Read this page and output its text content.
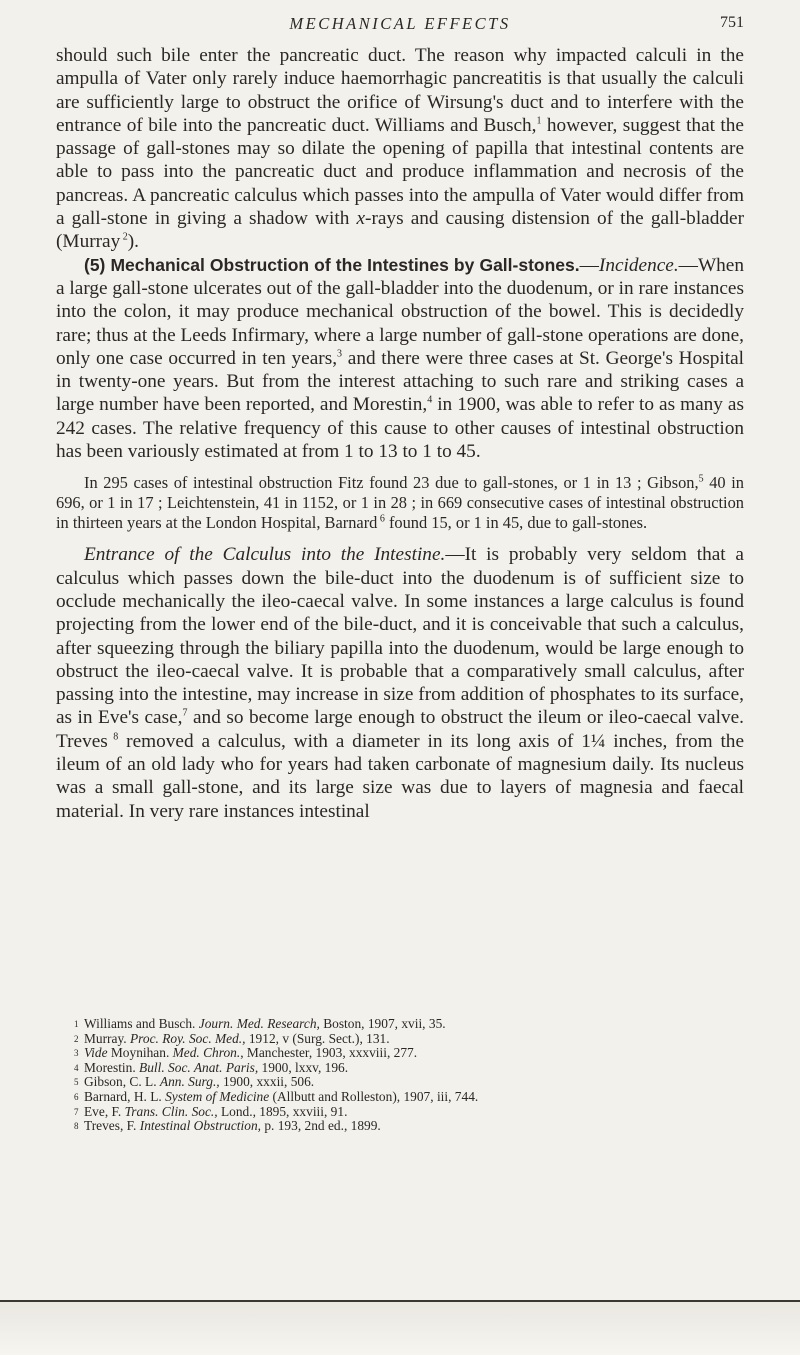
MECHANICAL EFFECTS	751

should such bile enter the pancreatic duct. The reason why impacted calculi in the ampulla of Vater only rarely induce haemorrhagic pancreatitis is that usually the calculi are sufficiently large to obstruct the orifice of Wirsung's duct and to interfere with the entrance of bile into the pancreatic duct. Williams and Busch,$^1$ however, suggest that the passage of gall-stones may so dilate the opening of papilla that intestinal contents are able to pass into the pancreatic duct and produce inflammation and necrosis of the pancreas. A pancreatic calculus which passes into the ampulla of Vater would differ from a gall-stone in giving a shadow with x-rays and causing distension of the gall-bladder (Murray $^2$).

(5) Mechanical Obstruction of the Intestines by Gall-stones.—Incidence.—When a large gall-stone ulcerates out of the gall-bladder into the duodenum, or in rare instances into the colon, it may produce mechanical obstruction of the bowel. This is decidedly rare; thus at the Leeds Infirmary, where a large number of gall-stone operations are done, only one case occurred in ten years,$^3$ and there were three cases at St. George's Hospital in twenty-one years. But from the interest attaching to such rare and striking cases a large number have been reported, and Morestin,$^4$ in 1900, was able to refer to as many as 242 cases. The relative frequency of this cause to other causes of intestinal obstruction has been variously estimated at from 1 to 13 to 1 to 45.

In 295 cases of intestinal obstruction Fitz found 23 due to gall-stones, or 1 in 13 ; Gibson,$^5$ 40 in 696, or 1 in 17 ; Leichtenstein, 41 in 1152, or 1 in 28 ; in 669 consecutive cases of intestinal obstruction in thirteen years at the London Hospital, Barnard $^6$ found 15, or 1 in 45, due to gall-stones.

Entrance of the Calculus into the Intestine.—It is probably very seldom that a calculus which passes down the bile-duct into the duodenum is of sufficient size to occlude mechanically the ileo-caecal valve. In some instances a large calculus is found projecting from the lower end of the bile-duct, and it is conceivable that such a calculus, after squeezing through the biliary papilla into the duodenum, would be large enough to obstruct the ileo-caecal valve. It is probable that a comparatively small calculus, after passing into the intestine, may increase in size from addition of phosphates to its surface, as in Eve's case,$^7$ and so become large enough to obstruct the ileum or ileo-caecal valve. Treves $^8$ removed a calculus, with a diameter in its long axis of 1¼ inches, from the ileum of an old lady who for years had taken carbonate of magnesium daily. Its nucleus was a small gall-stone, and its large size was due to layers of magnesia and faecal material. In very rare instances intestinal

1 Williams and Busch. Journ. Med. Research, Boston, 1907, xvii, 35.
2 Murray. Proc. Roy. Soc. Med., 1912, v (Surg. Sect.), 131.
3 Vide Moynihan. Med. Chron., Manchester, 1903, xxxviii, 277.
4 Morestin. Bull. Soc. Anat. Paris, 1900, lxxv, 196.
5 Gibson, C. L. Ann. Surg., 1900, xxxii, 506.
6 Barnard, H. L. System of Medicine (Allbutt and Rolleston), 1907, iii, 744.
7 Eve, F. Trans. Clin. Soc., Lond., 1895, xxviii, 91.
8 Treves, F. Intestinal Obstruction, p. 193, 2nd ed., 1899.
